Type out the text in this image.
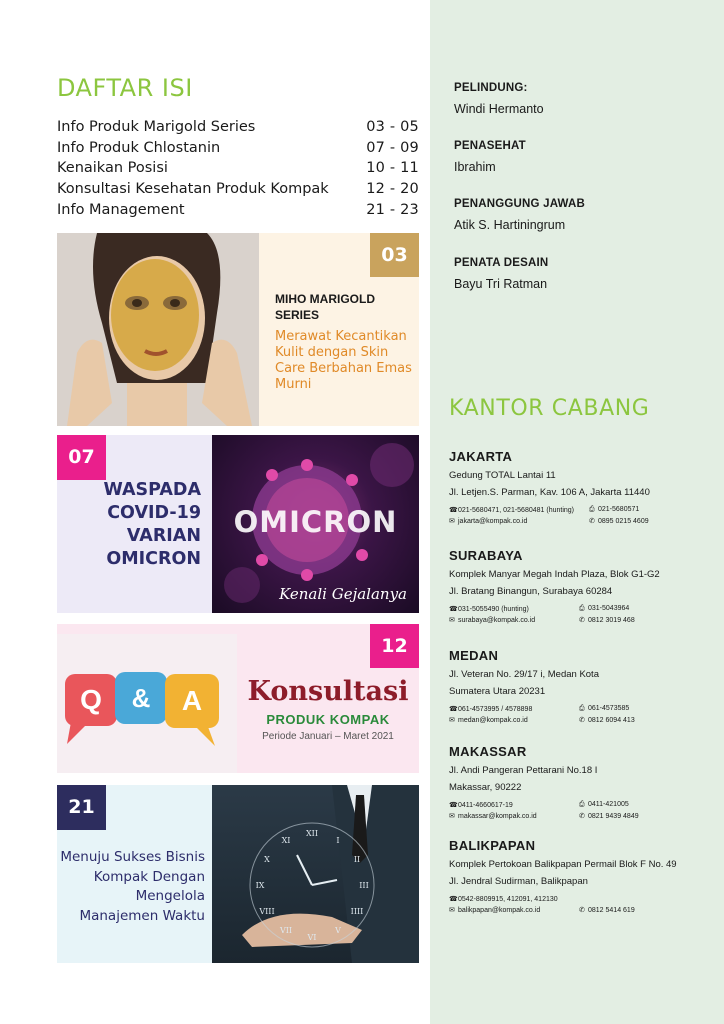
DAFTAR ISI
Info Produk Marigold Series	03 - 05
Info Produk Chlostanin	07 - 09
Kenaikan Posisi	10 - 11
Konsultasi Kesehatan Produk Kompak	12 - 20
Info Management	21 - 23
03
MIHO MARIGOLD SERIES
Merawat Kecantikan Kulit dengan Skin Care Berbahan Emas Murni
07
WASPADA COVID-19 VARIAN OMICRON
OMICRON
Kenali Gejalanya
Q	&	A
12
Konsultasi
PRODUK KOMPAK
Periode Januari – Maret 2021
21
Menuju Sukses Bisnis Kompak Dengan Mengelola Manajemen Waktu
XII
I
II
III
IIII
V
VI
VII
VIII
IX
X
XI
PELINDUNG:
Windi Hermanto
PENASEHAT
Ibrahim
PENANGGUNG JAWAB
Atik S. Hartiningrum
PENATA DESAIN
Bayu Tri Ratman
KANTOR CABANG
JAKARTA
Gedung TOTAL Lantai 11
Jl. Letjen.S. Parman, Kav. 106 A, Jakarta 11440
☎021-5680471, 021-5680481 (hunting) ⎙ 021-5680571
✉ jakarta@kompak.co.id	✆ 0895 0215 4609
SURABAYA
Komplek Manyar Megah Indah Plaza, Blok G1-G2
Jl. Bratang Binangun, Surabaya 60284
☎031-5055490 (hunting)	⎙ 031-5043964
✉ surabaya@kompak.co.id	✆ 0812 3019 468
MEDAN
Jl. Veteran No. 29/17 i, Medan Kota
Sumatera Utara 20231
☎061-4573995 / 4578898	⎙ 061-4573585
✉ medan@kompak.co.id	✆ 0812 6094 413
MAKASSAR
Jl. Andi Pangeran Pettarani No.18 I
Makassar, 90222
☎0411-4660617-19	⎙ 0411-421005
✉ makassar@kompak.co.id	✆ 0821 9439 4849
BALIKPAPAN
Komplek Pertokoan Balikpapan Permail Blok F No. 49
Jl. Jendral Sudirman, Balikpapan
☎0542-8809915, 412091, 412130
✉ balikpapan@kompak.co.id	✆ 0812 5414 619
